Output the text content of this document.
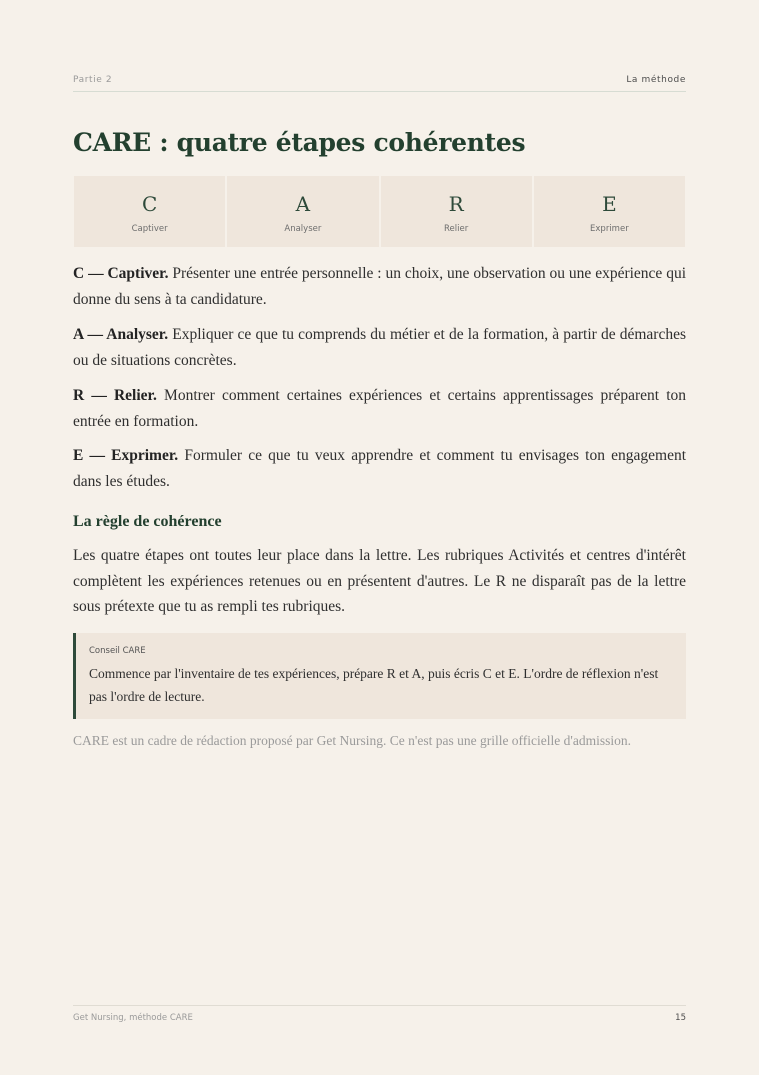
Partie 2	La méthode
CARE : quatre étapes cohérentes
C
Captiver
A
Analyser
R
Relier
E
Exprimer

C — Captiver. Présenter une entrée personnelle : un choix, une observation ou une expérience qui donne du sens à ta candidature.

A — Analyser. Expliquer ce que tu comprends du métier et de la formation, à partir de démarches ou de situations concrètes.

R — Relier. Montrer comment certaines expériences et certains apprentissages préparent ton entrée en formation.

E — Exprimer. Formuler ce que tu veux apprendre et comment tu envisages ton engagement dans les études.

La règle de cohérence

Les quatre étapes ont toutes leur place dans la lettre. Les rubriques Activités et centres d'intérêt complètent les expériences retenues ou en présentent d'autres. Le R ne disparaît pas de la lettre sous prétexte que tu as rempli tes rubriques.

Conseil CARE
Commence par l'inventaire de tes expériences, prépare R et A, puis écris C et E. L'ordre de réflexion n'est pas l'ordre de lecture.
CARE est un cadre de rédaction proposé par Get Nursing. Ce n'est pas une grille officielle d'admission.
Get Nursing, méthode CARE	15
